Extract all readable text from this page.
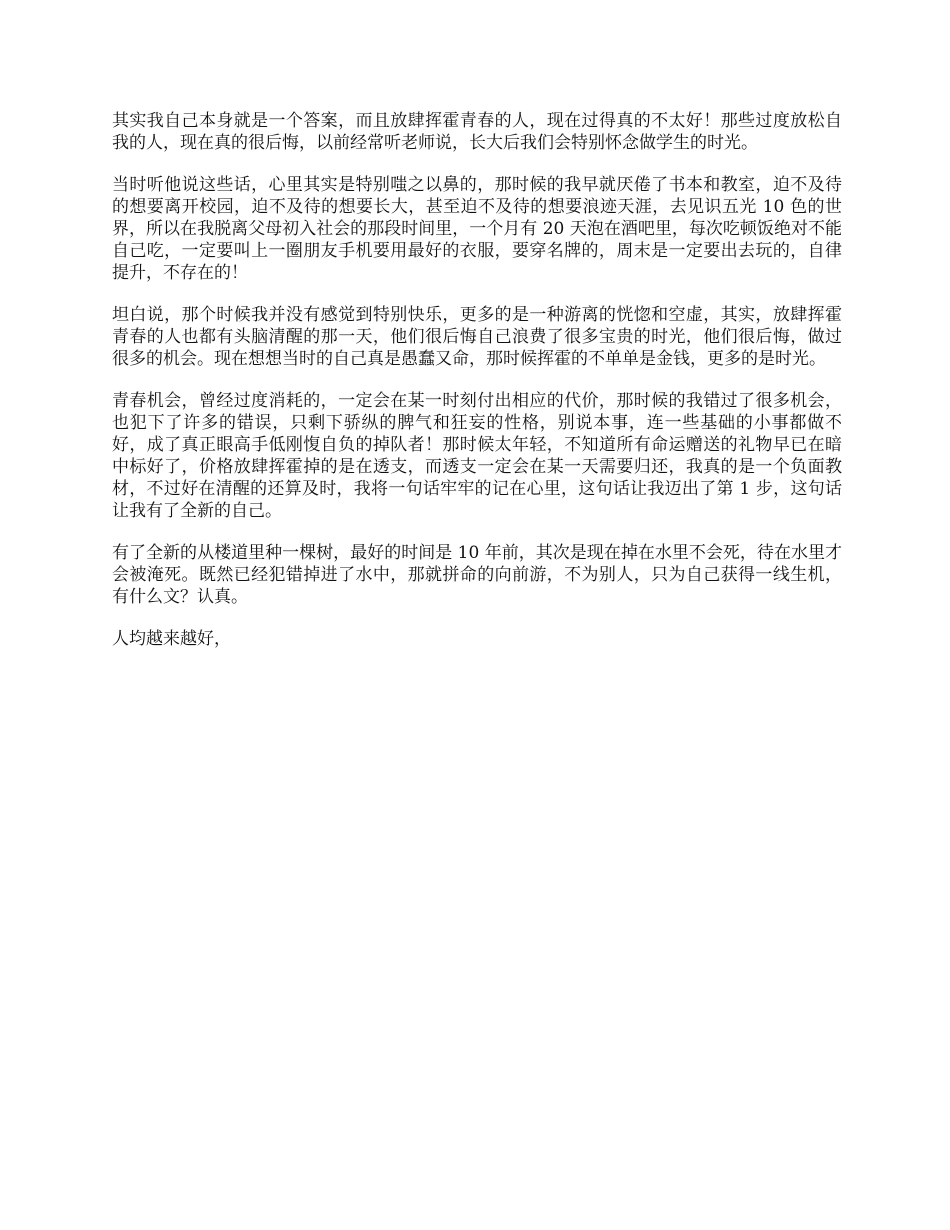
其实我自己本身就是一个答案，而且放肆挥霍青春的人，现在过得真的不太好！那些过度放松自我的人，现在真的很后悔，以前经常听老师说，长大后我们会特别怀念做学生的时光。

当时听他说这些话，心里其实是特别嗤之以鼻的，那时候的我早就厌倦了书本和教室，迫不及待的想要离开校园，迫不及待的想要长大，甚至迫不及待的想要浪迹天涯，去见识五光 10 色的世界，所以在我脱离父母初入社会的那段时间里，一个月有 20 天泡在酒吧里，每次吃顿饭绝对不能自己吃，一定要叫上一圈朋友手机要用最好的衣服，要穿名牌的，周末是一定要出去玩的，自律提升，不存在的！

坦白说，那个时候我并没有感觉到特别快乐，更多的是一种游离的恍惚和空虚，其实，放肆挥霍青春的人也都有头脑清醒的那一天，他们很后悔自己浪费了很多宝贵的时光，他们很后悔，做过很多的机会。现在想想当时的自己真是愚蠢又命，那时候挥霍的不单单是金钱，更多的是时光。

青春机会，曾经过度消耗的，一定会在某一时刻付出相应的代价，那时候的我错过了很多机会，也犯下了许多的错误，只剩下骄纵的脾气和狂妄的性格，别说本事，连一些基础的小事都做不好，成了真正眼高手低刚愎自负的掉队者！那时候太年轻，不知道所有命运赠送的礼物早已在暗中标好了，价格放肆挥霍掉的是在透支，而透支一定会在某一天需要归还，我真的是一个负面教材，不过好在清醒的还算及时，我将一句话牢牢的记在心里，这句话让我迈出了第 1 步，这句话让我有了全新的自己。

有了全新的从楼道里种一棵树，最好的时间是 10 年前，其次是现在掉在水里不会死，待在水里才会被淹死。既然已经犯错掉进了水中，那就拼命的向前游，不为别人，只为自己获得一线生机，有什么文？认真。

人均越来越好，
